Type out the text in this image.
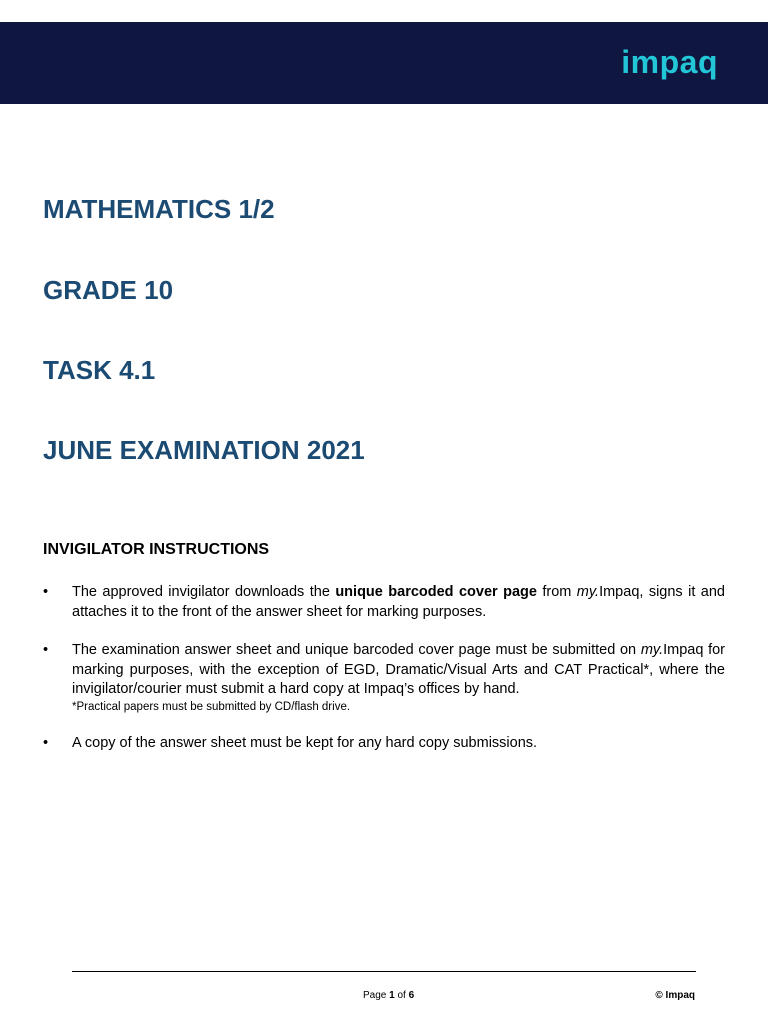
impaq
MATHEMATICS 1/2
GRADE 10
TASK 4.1
JUNE EXAMINATION 2021
INVIGILATOR INSTRUCTIONS
• The approved invigilator downloads the unique barcoded cover page from my.Impaq, signs it and attaches it to the front of the answer sheet for marking purposes.
• The examination answer sheet and unique barcoded cover page must be submitted on my.Impaq for marking purposes, with the exception of EGD, Dramatic/Visual Arts and CAT Practical*, where the invigilator/courier must submit a hard copy at Impaq’s offices by hand.
*Practical papers must be submitted by CD/flash drive.
• A copy of the answer sheet must be kept for any hard copy submissions.
Page 1 of 6	© Impaq
